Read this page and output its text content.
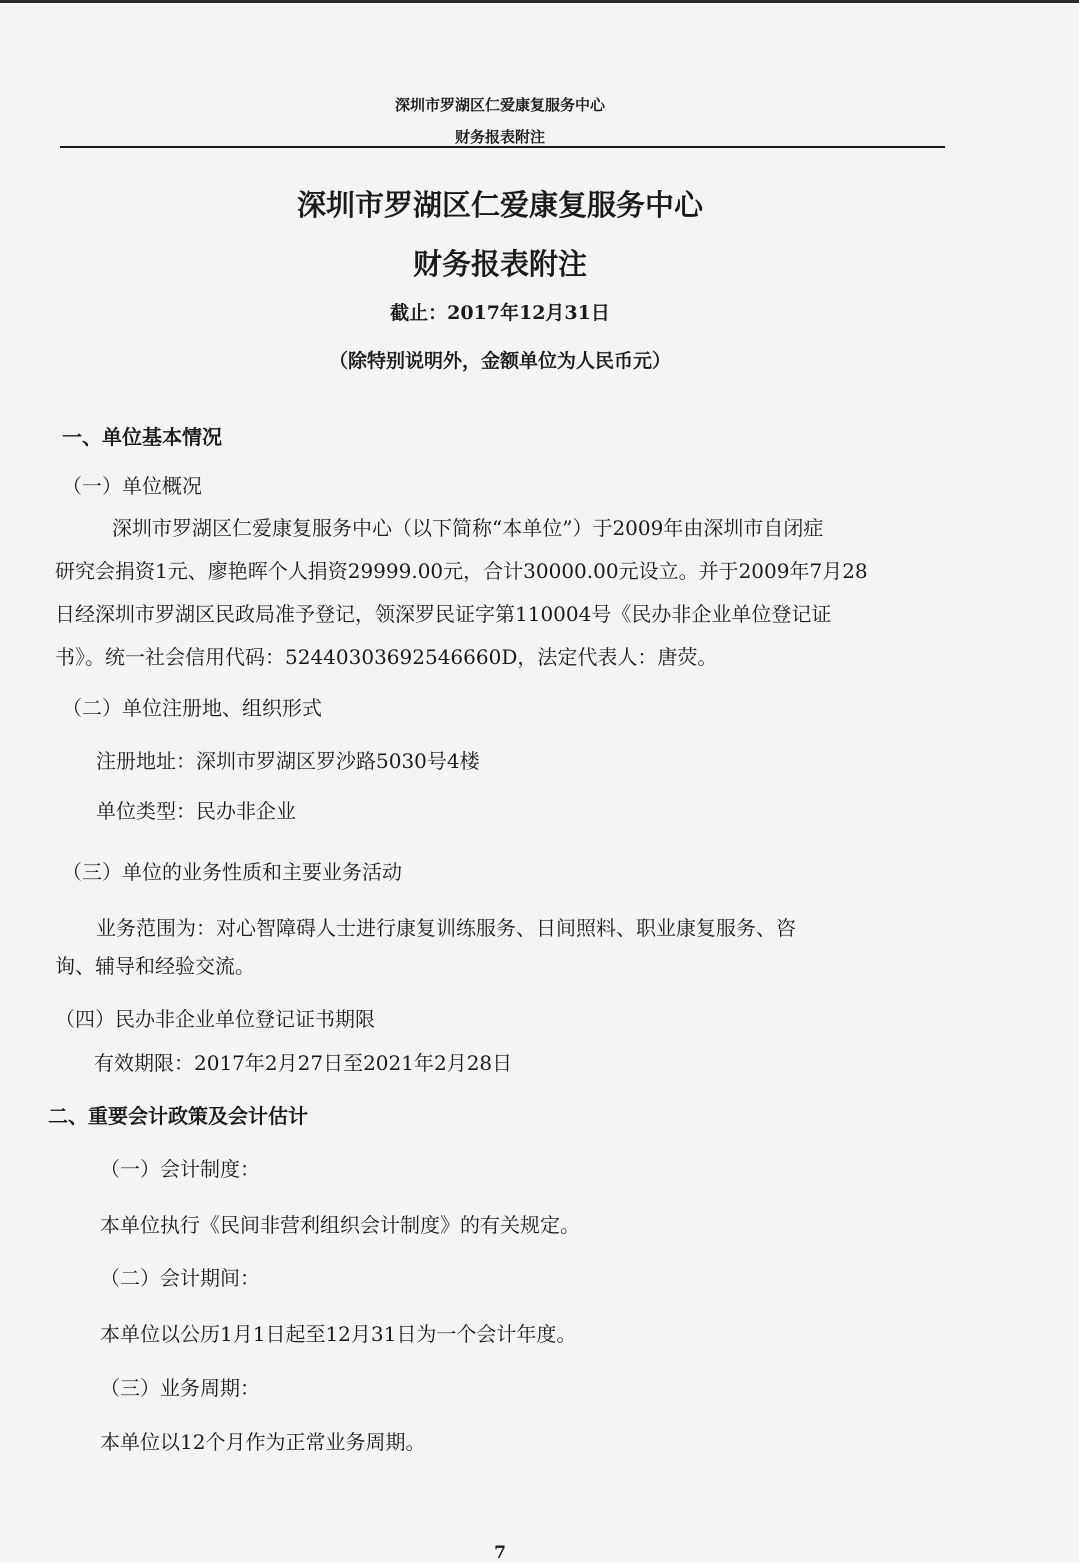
深圳市罗湖区仁爱康复服务中心
财务报表附注
深圳市罗湖区仁爱康复服务中心
财务报表附注
截止：2017年12月31日
（除特别说明外，金额单位为人民币元）
一、单位基本情况
（一）单位概况
深圳市罗湖区仁爱康复服务中心（以下简称“本单位”）于2009年由深圳市自闭症
研究会捐资1元、廖艳晖个人捐资29999.00元，合计30000.00元设立。并于2009年7月28
日经深圳市罗湖区民政局准予登记，领深罗民证字第110004号《民办非企业单位登记证
书》。统一社会信用代码：52440303692546660D，法定代表人：唐荧。
（二）单位注册地、组织形式
注册地址：深圳市罗湖区罗沙路5030号4楼
单位类型：民办非企业
（三）单位的业务性质和主要业务活动
业务范围为：对心智障碍人士进行康复训练服务、日间照料、职业康复服务、咨
询、辅导和经验交流。
（四）民办非企业单位登记证书期限
有效期限：2017年2月27日至2021年2月28日
二、重要会计政策及会计估计
（一）会计制度：
本单位执行《民间非营利组织会计制度》的有关规定。
（二）会计期间：
本单位以公历1月1日起至12月31日为一个会计年度。
（三）业务周期：
本单位以12个月作为正常业务周期。
7
